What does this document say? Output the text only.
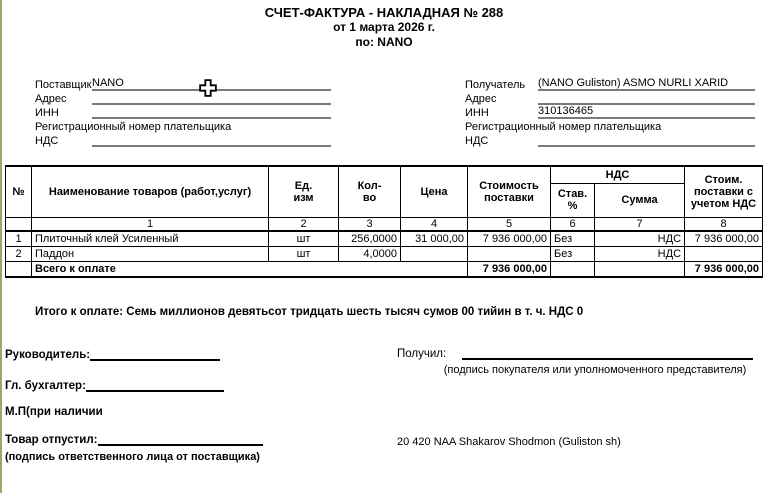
СЧЕТ-ФАКТУРА - НАКЛАДНАЯ № 288
от 1 марта 2026 г.
по: NANO
Поставщик NANO
Адрес
ИНН
Регистрационный номер плательщика
НДС
Получатель	(NANO Guliston) ASMO NURLI XARID
Адрес
ИНН	310136465
Регистрационный номер плательщика
НДС
№	Наименование товаров (работ,услуг)	Ед. изм	Кол-во	Цена	Стоимость поставки	НДС		Стоим. поставки с учетом НДС
						Став. %	Сумма	
	1	2	3	4	5	6	7	8
1	Плиточный клей Усиленный	шт	256,0000	31 000,00	7 936 000,00	Без	НДС	7 936 000,00
2	Паддон	шт	4,0000			Без	НДС	
	Всего к оплате				7 936 000,00			7 936 000,00
Итого к оплате: Семь миллионов девятьсот тридцать шесть тысяч сумов 00 тийин в т. ч. НДС 0
Руководитель:
Гл. бухгалтер:
М.П(при наличии
Товар отпустил:
(подпись ответственного лица от поставщика)
Получил:
(подпись покупателя или уполномоченного представителя)
20 420 NAA Shakarov Shodmon (Guliston sh)
